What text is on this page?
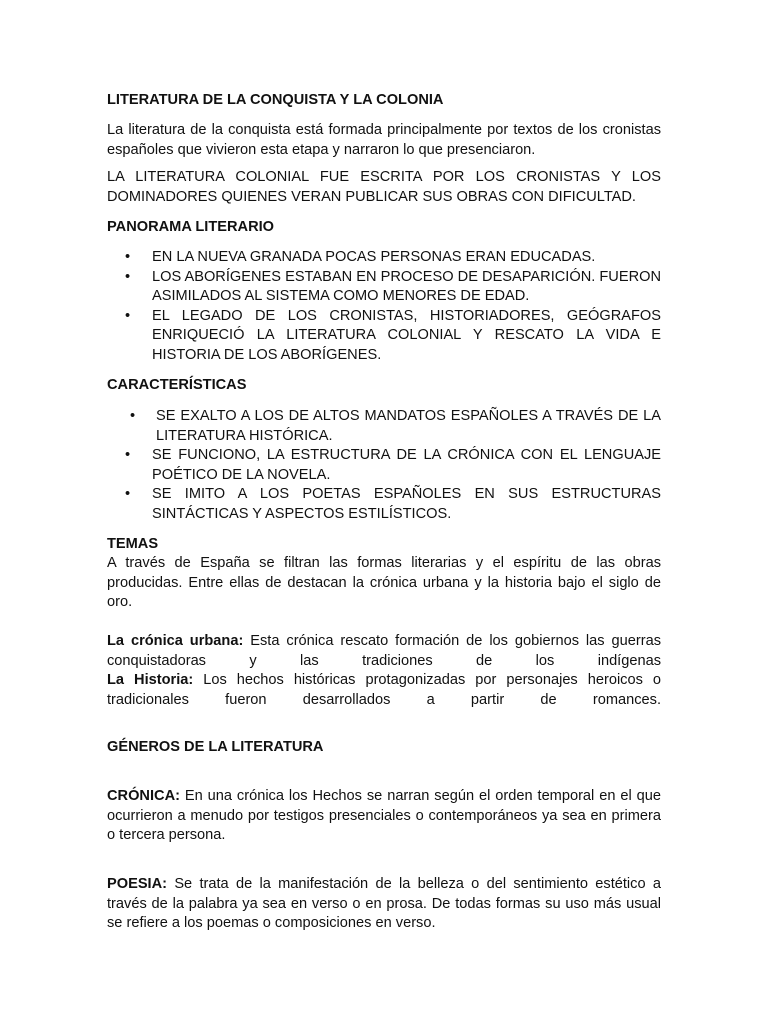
LITERATURA DE LA CONQUISTA Y LA COLONIA

La literatura de la conquista está formada principalmente por textos de los cronistas españoles que vivieron esta etapa y narraron lo que presenciaron.

LA LITERATURA COLONIAL FUE ESCRITA POR LOS CRONISTAS Y LOS DOMINADORES QUIENES VERAN PUBLICAR SUS OBRAS CON DIFICULTAD.

PANORAMA LITERARIO

• EN LA NUEVA GRANADA POCAS PERSONAS ERAN EDUCADAS.
• LOS ABORÍGENES ESTABAN EN PROCESO DE DESAPARICIÓN. FUERON ASIMILADOS AL SISTEMA COMO MENORES DE EDAD.
• EL LEGADO DE LOS CRONISTAS, HISTORIADORES, GEÓGRAFOS ENRIQUECIÓ LA LITERATURA COLONIAL Y RESCATO LA VIDA E HISTORIA DE LOS ABORÍGENES.

CARACTERÍSTICAS

• SE EXALTO A LOS DE ALTOS MANDATOS ESPAÑOLES A TRAVÉS DE LA LITERATURA HISTÓRICA.
• SE FUNCIONO, LA ESTRUCTURA DE LA CRÓNICA CON EL LENGUAJE POÉTICO DE LA NOVELA.
• SE IMITO A LOS POETAS ESPAÑOLES EN SUS ESTRUCTURAS SINTÁCTICAS Y ASPECTOS ESTILÍSTICOS.

TEMAS

A través de España se filtran las formas literarias y el espíritu de las obras producidas. Entre ellas de destacan la crónica urbana y la historia bajo el siglo de oro.

La crónica urbana: Esta crónica rescato formación de los gobiernos las guerras conquistadoras y las tradiciones de los indígenas

La Historia: Los hechos históricas protagonizadas por personajes heroicos o tradicionales fueron desarrollados a partir de romances.

GÉNEROS DE LA LITERATURA

CRÓNICA: En una crónica los Hechos se narran según el orden temporal en el que ocurrieron a menudo por testigos presenciales o contemporáneos ya sea en primera o tercera persona.

POESIA: Se trata de la manifestación de la belleza o del sentimiento estético a través de la palabra ya sea en verso o en prosa. De todas formas su uso más usual se refiere a los poemas o composiciones en verso.
